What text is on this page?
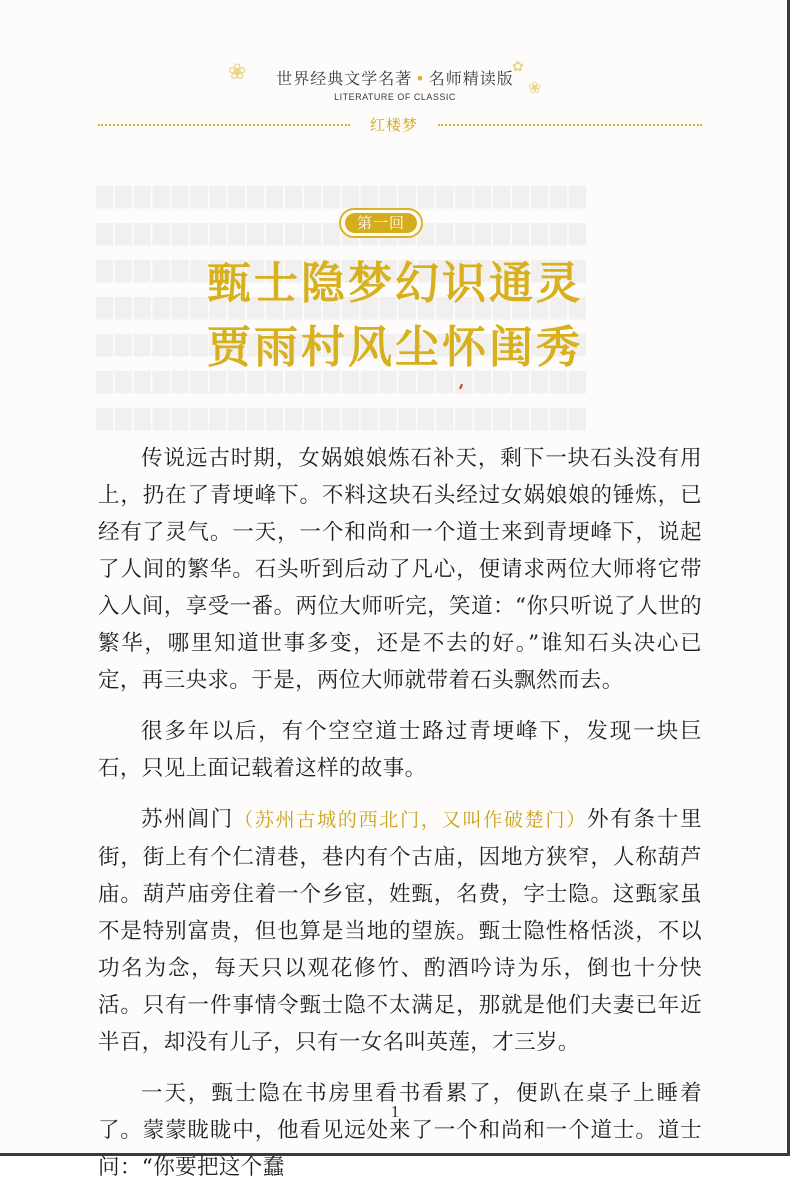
❀	✿
❀
世界经典文学名著 • 名师精读版
LITERATURE OF CLASSIC
红楼梦

第一回
甄士隐梦幻识通灵
贾雨村风尘怀闺秀

传说远古时期，女娲娘娘炼石补天，剩下一块石头没有用上，扔在了青埂峰下。不料这块石头经过女娲娘娘的锤炼，已经有了灵气。一天，一个和尚和一个道士来到青埂峰下，说起了人间的繁华。石头听到后动了凡心，便请求两位大师将它带入人间，享受一番。两位大师听完，笑道：“你只听说了人世的繁华，哪里知道世事多变，还是不去的好。”谁知石头决心已定，再三央求。于是，两位大师就带着石头飘然而去。

很多年以后，有个空空道士路过青埂峰下，发现一块巨石，只见上面记载着这样的故事。

苏州阊门（苏州古城的西北门，又叫作破楚门）外有条十里街，街上有个仁清巷，巷内有个古庙，因地方狭窄，人称葫芦庙。葫芦庙旁住着一个乡宦，姓甄，名费，字士隐。这甄家虽不是特别富贵，但也算是当地的望族。甄士隐性格恬淡，不以功名为念，每天只以观花修竹、酌酒吟诗为乐，倒也十分快活。只有一件事情令甄士隐不太满足，那就是他们夫妻已年近半百，却没有儿子，只有一女名叫英莲，才三岁。

一天，甄士隐在书房里看书看累了，便趴在桌子上睡着了。蒙蒙眬眬中，他看见远处来了一个和尚和一个道士。道士问：“你要把这个蠢

1
